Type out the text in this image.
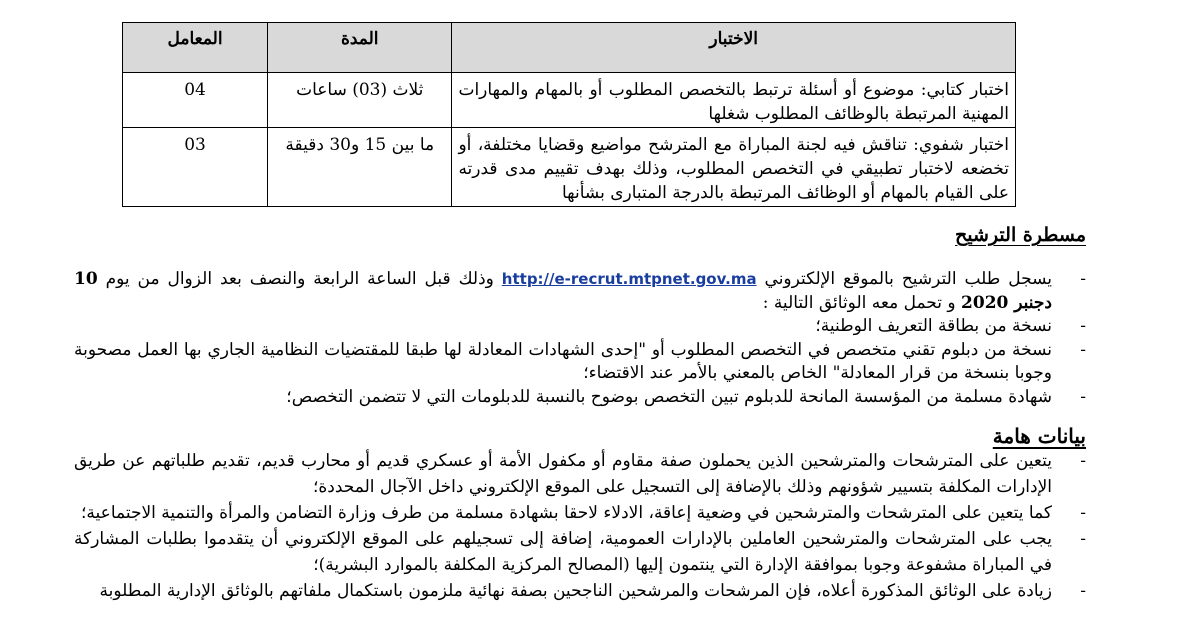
الاختبار	المدة	المعامل
اختبار كتابي: موضوع أو أسئلة ترتبط بالتخصص المطلوب أو بالمهام والمهارات المهنية المرتبطة بالوظائف المطلوب شغلها	ثلاث (03) ساعات	04
اختبار شفوي: تناقش فيه لجنة المباراة مع المترشح مواضيع وقضايا مختلفة، أو تخضعه لاختبار تطبيقي في التخصص المطلوب، وذلك بهدف تقييم مدى قدرته على القيام بالمهام أو الوظائف المرتبطة بالدرجة المتبارى بشأنها	ما بين 15 و30 دقيقة	03
مسطرة الترشيح
-
يسجل طلب الترشيح بالموقع الإلكتروني http://e-recrut.mtpnet.gov.ma وذلك قبل الساعة الرابعة والنصف بعد الزوال من يوم 10 دجنبر 2020 و تحمل معه الوثائق التالية :
-
نسخة من بطاقة التعريف الوطنية؛
-
نسخة من دبلوم تقني متخصص في التخصص المطلوب أو "إحدى الشهادات المعادلة لها طبقا للمقتضيات النظامية الجاري بها العمل مصحوبة وجوبا بنسخة من قرار المعادلة" الخاص بالمعني بالأمر عند الاقتضاء؛
-
شهادة مسلمة من المؤسسة المانحة للدبلوم تبين التخصص بوضوح بالنسبة للدبلومات التي لا تتضمن التخصص؛
بيانات هامة
-
يتعين على المترشحات والمترشحين الذين يحملون صفة مقاوم أو مكفول الأمة أو عسكري قديم أو محارب قديم، تقديم طلباتهم عن طريق الإدارات المكلفة بتسيير شؤونهم وذلك بالإضافة إلى التسجيل على الموقع الإلكتروني داخل الآجال المحددة؛
-
كما يتعين على المترشحات والمترشحين في وضعية إعاقة، الادلاء لاحقا بشهادة مسلمة من طرف وزارة التضامن والمرأة والتنمية الاجتماعية؛
-
يجب على المترشحات والمترشحين العاملين بالإدارات العمومية، إضافة إلى تسجيلهم على الموقع الإلكتروني أن يتقدموا بطلبات المشاركة في المباراة مشفوعة وجوبا بموافقة الإدارة التي ينتمون إليها (المصالح المركزية المكلفة بالموارد البشرية)؛
-
زيادة على الوثائق المذكورة أعلاه، فإن المرشحات والمرشحين الناجحين بصفة نهائية ملزمون باستكمال ملفاتهم بالوثائق الإدارية المطلوبة
